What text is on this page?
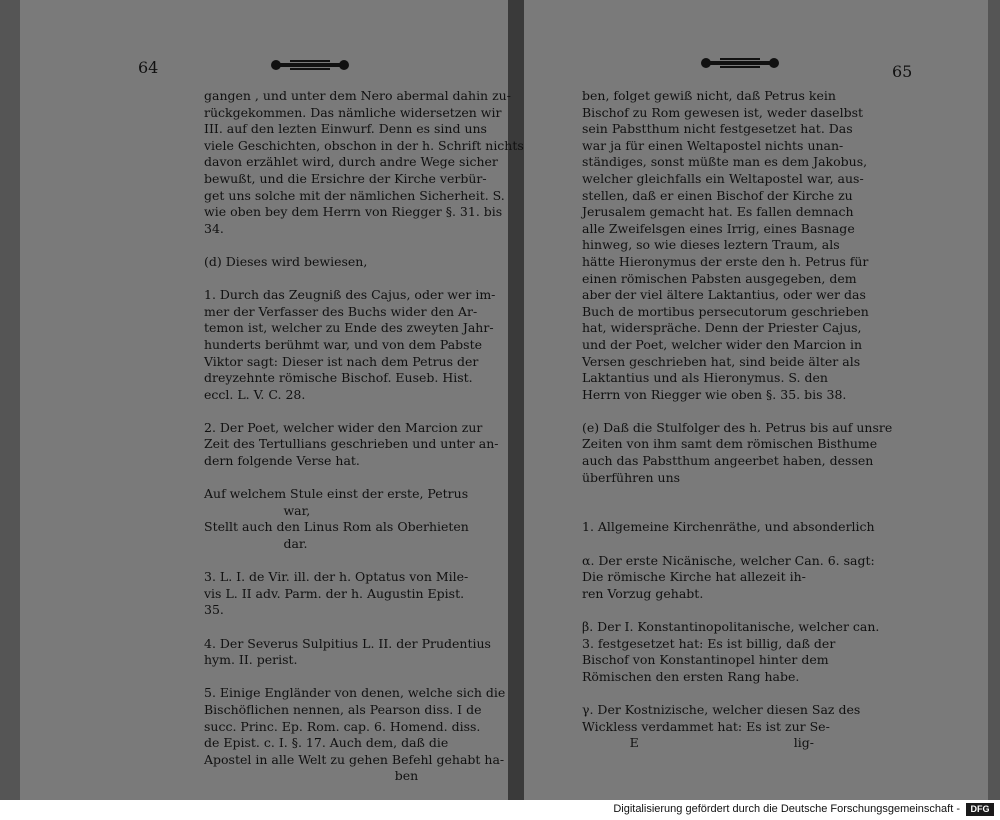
64
gangen , und unter dem Nero abermal dahin zu-
rückgekommen. Das nämliche widersetzen wir
III. auf den lezten Einwurf. Denn es sind uns
viele Geschichten, obschon in der h. Schrift nichts
davon erzählet wird, durch andre Wege sicher
bewußt, und die Ersichre der Kirche verbür-
get uns solche mit der nämlichen Sicherheit. S.
wie oben bey dem Herrn von Riegger §. 31. bis
34.

(d) Dieses wird bewiesen,

1. Durch das Zeugniß des Cajus, oder wer im-
mer der Verfasser des Buchs wider den Ar-
temon ist, welcher zu Ende des zweyten Jahr-
hunderts berühmt war, und von dem Pabste
Viktor sagt: Dieser ist nach dem Petrus der
dreyzehnte römische Bischof. Euseb. Hist.
eccl. L. V. C. 28.

2. Der Poet, welcher wider den Marcion zur
Zeit des Tertullians geschrieben und unter an-
dern folgende Verse hat.

Auf welchem Stule einst der erste, Petrus
war,
Stellt auch den Linus Rom als Oberhieten
dar.

3. L. I. de Vir. ill. der h. Optatus von Mile-
vis L. II adv. Parm. der h. Augustin Epist.
35.

4. Der Severus Sulpitius L. II. der Prudentius
hym. II. perist.

5. Einige Engländer von denen, welche sich die
Bischöflichen nennen, als Pearson diss. I de
succ. Princ. Ep. Rom. cap. 6. Homend. diss.
de Epist. c. I. §. 17. Auch dem, daß die
Apostel in alle Welt zu gehen Befehl gehabt ha-
ben
65
ben, folget gewiß nicht, daß Petrus kein
Bischof zu Rom gewesen ist, weder daselbst
sein Pabstthum nicht festgesetzet hat. Das
war ja für einen Weltapostel nichts unan-
ständiges, sonst müßte man es dem Jakobus,
welcher gleichfalls ein Weltapostel war, aus-
stellen, daß er einen Bischof der Kirche zu
Jerusalem gemacht hat. Es fallen demnach
alle Zweifelsgen eines Irrig, eines Basnage
hinweg, so wie dieses leztern Traum, als
hätte Hieronymus der erste den h. Petrus für
einen römischen Pabsten ausgegeben, dem
aber der viel ältere Laktantius, oder wer das
Buch de mortibus persecutorum geschrieben
hat, widerspräche. Denn der Priester Cajus,
und der Poet, welcher wider den Marcion in
Versen geschrieben hat, sind beide älter als
Laktantius und als Hieronymus. S. den
Herrn von Riegger wie oben §. 35. bis 38.

(e) Daß die Stulfolger des h. Petrus bis auf unsre
Zeiten von ihm samt dem römischen Bisthume
auch das Pabstthum angeerbet haben, dessen
überführen uns

1. Allgemeine Kirchenräthe, und absonderlich

α. Der erste Nicänische, welcher Can. 6. sagt:
Die römische Kirche hat allezeit ih-
ren Vorzug gehabt.

β. Der I. Konstantinopolitanische, welcher can.
3. festgesetzet hat: Es ist billig, daß der
Bischof von Konstantinopel hinter dem
Römischen den ersten Rang habe.

γ. Der Kostnizische, welcher diesen Saz des
Wickless verdammet hat: Es ist zur Se-
E                                       lig-
Digitalisierung gefördert durch die Deutsche Forschungsgemeinschaft -	DFG
